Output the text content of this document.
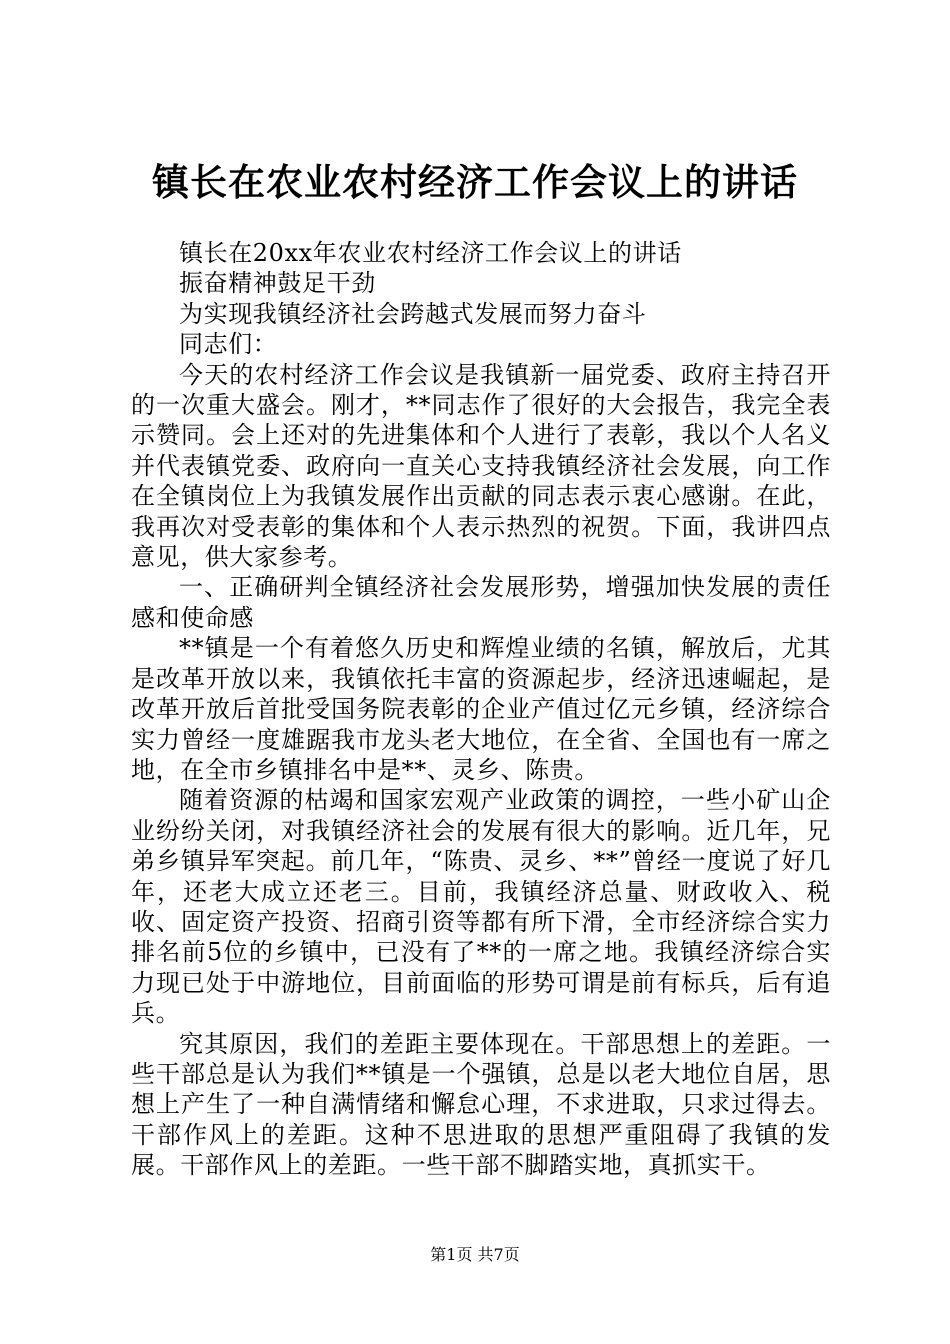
镇长在农业农村经济工作会议上的讲话

镇长在20xx年农业农村经济工作会议上的讲话

振奋精神鼓足干劲

为实现我镇经济社会跨越式发展而努力奋斗

同志们：

今天的农村经济工作会议是我镇新一届党委、政府主持召开的一次重大盛会。刚才，**同志作了很好的大会报告，我完全表示赞同。会上还对的先进集体和个人进行了表彰，我以个人名义并代表镇党委、政府向一直关心支持我镇经济社会发展，向工作在全镇岗位上为我镇发展作出贡献的同志表示衷心感谢。在此，我再次对受表彰的集体和个人表示热烈的祝贺。下面，我讲四点意见，供大家参考。

一、正确研判全镇经济社会发展形势，增强加快发展的责任感和使命感

**镇是一个有着悠久历史和辉煌业绩的名镇，解放后，尤其是改革开放以来，我镇依托丰富的资源起步，经济迅速崛起，是改革开放后首批受国务院表彰的企业产值过亿元乡镇，经济综合实力曾经一度雄踞我市龙头老大地位，在全省、全国也有一席之地，在全市乡镇排名中是**、灵乡、陈贵。

随着资源的枯竭和国家宏观产业政策的调控，一些小矿山企业纷纷关闭，对我镇经济社会的发展有很大的影响。近几年，兄弟乡镇异军突起。前几年，“陈贵、灵乡、**”曾经一度说了好几年，还老大成立还老三。目前，我镇经济总量、财政收入、税收、固定资产投资、招商引资等都有所下滑，全市经济综合实力排名前5位的乡镇中，已没有了**的一席之地。我镇经济综合实力现已处于中游地位，目前面临的形势可谓是前有标兵，后有追兵。

究其原因，我们的差距主要体现在。干部思想上的差距。一些干部总是认为我们**镇是一个强镇，总是以老大地位自居，思想上产生了一种自满情绪和懈怠心理，不求进取，只求过得去。干部作风上的差距。这种不思进取的思想严重阻碍了我镇的发展。干部作风上的差距。一些干部不脚踏实地，真抓实干。

第1页 共7页
